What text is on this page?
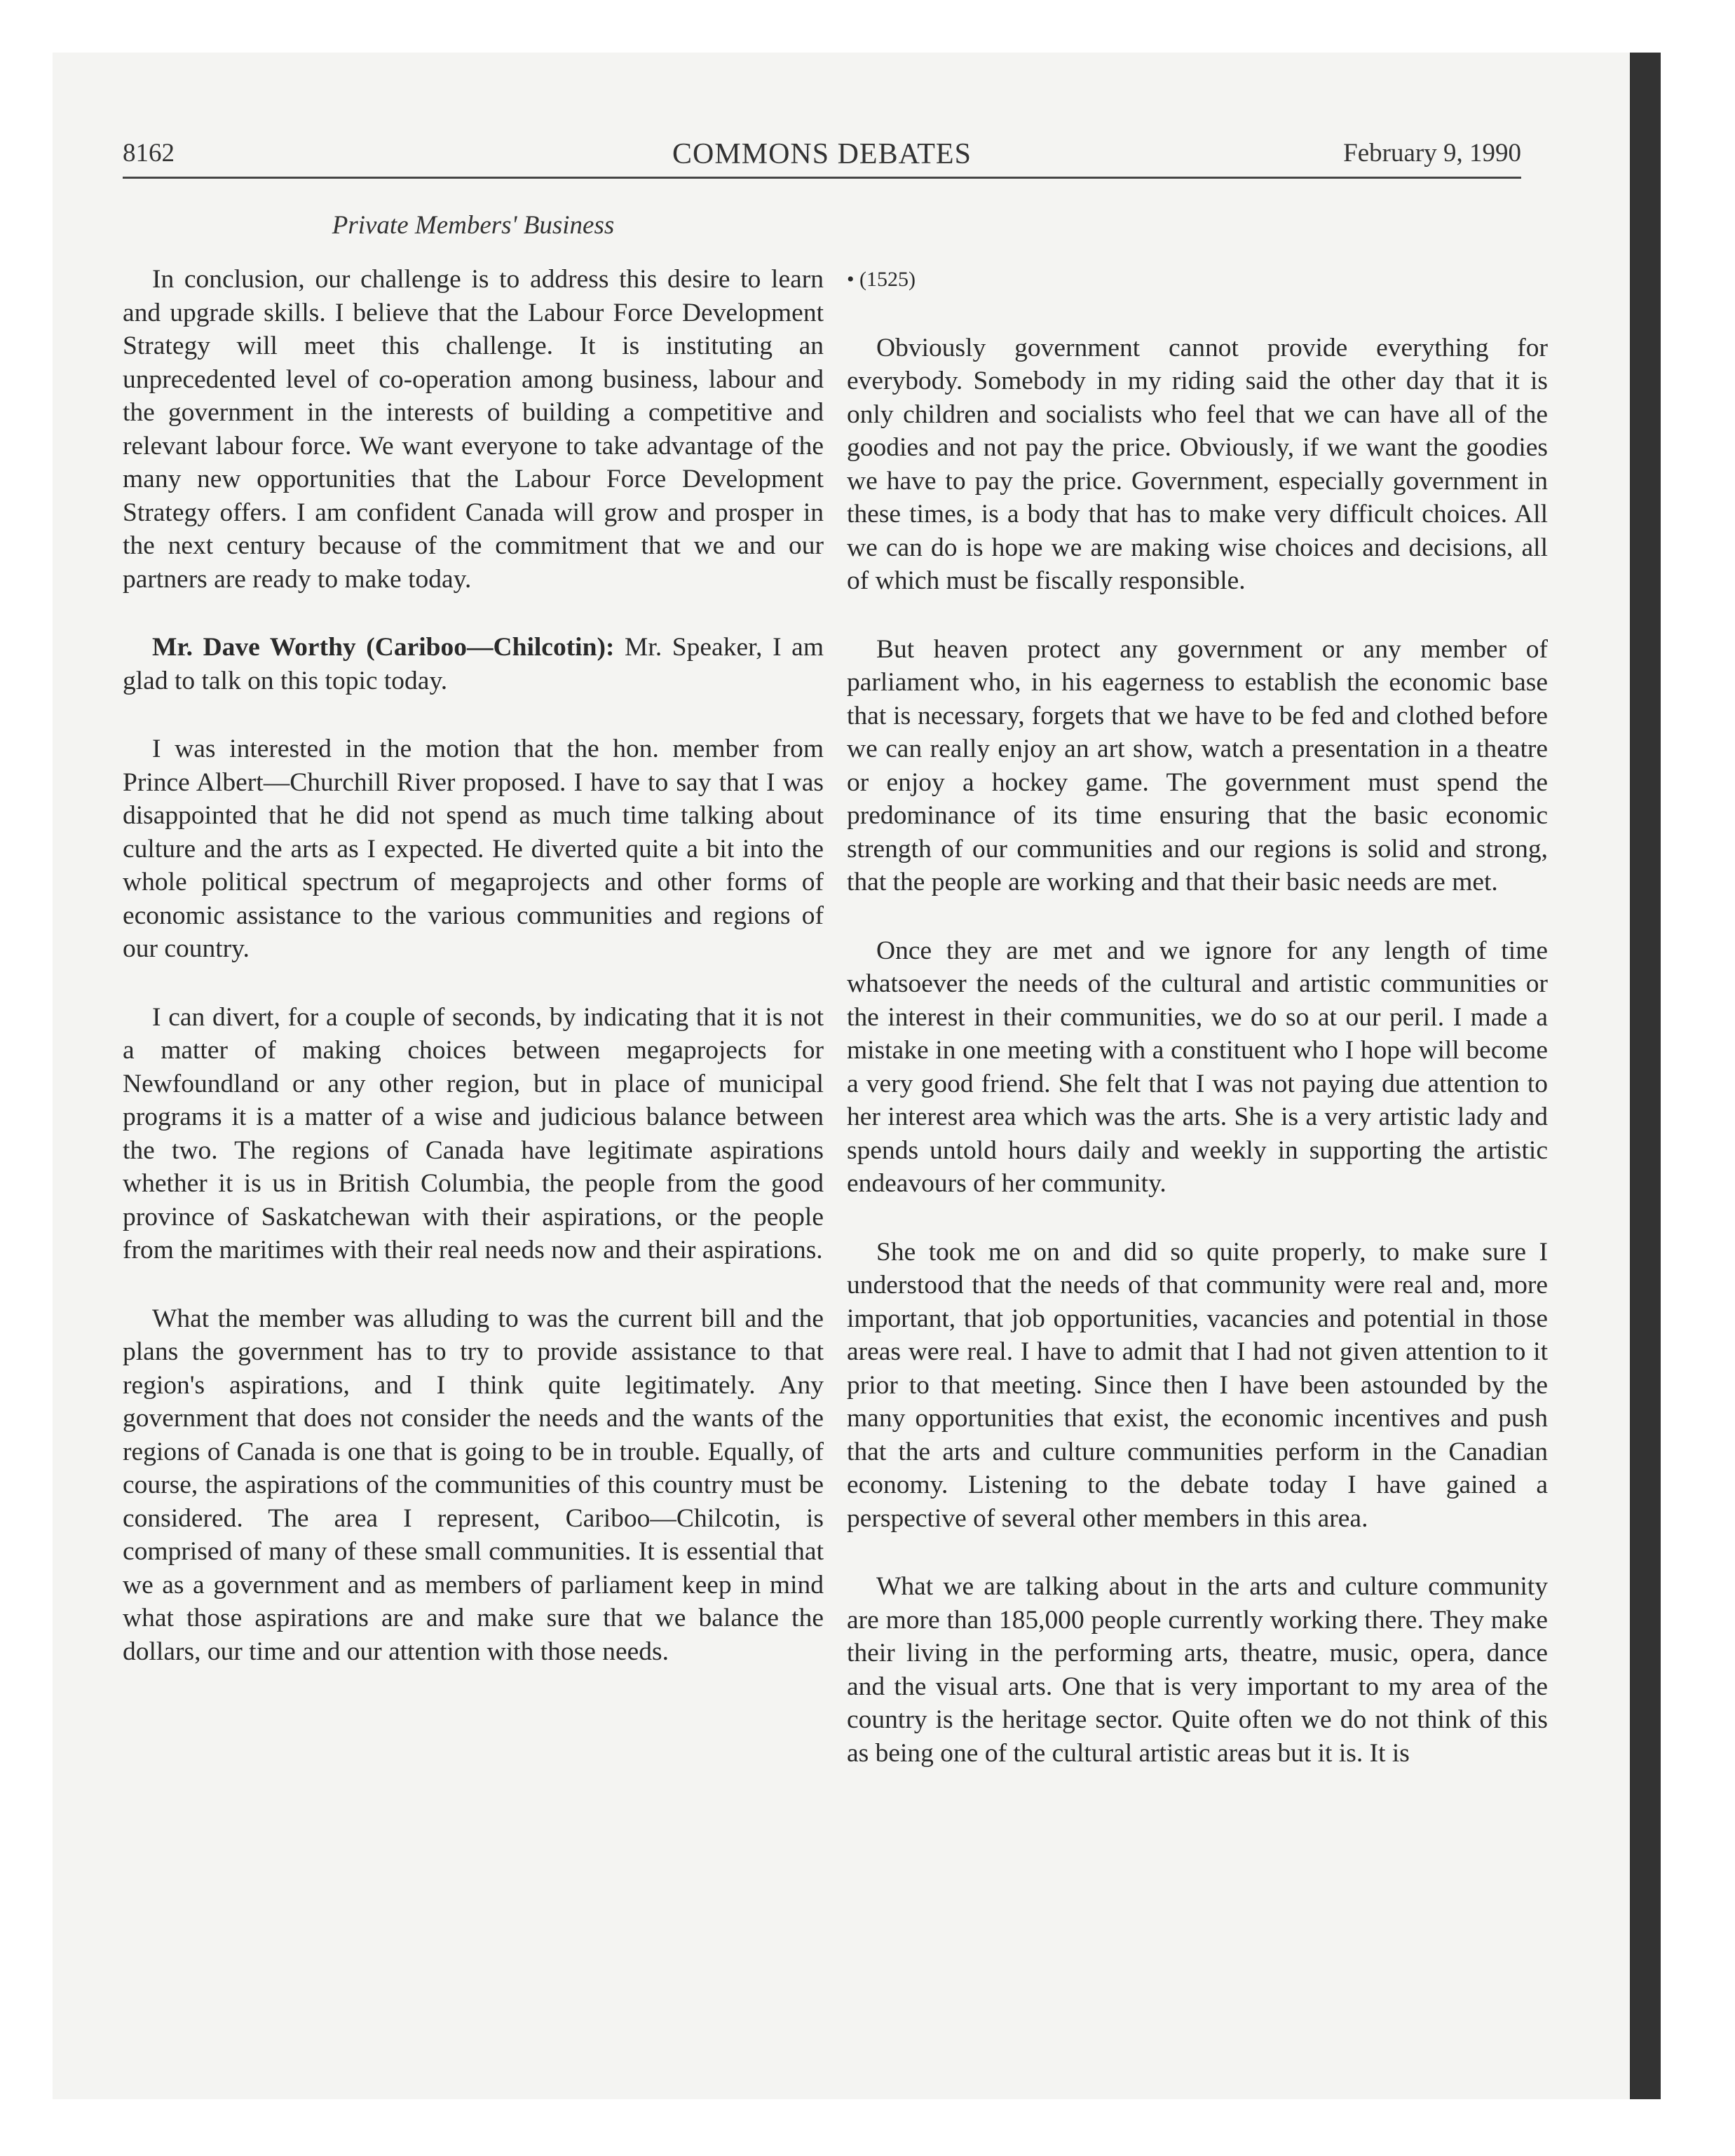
8162	COMMONS DEBATES	February 9, 1990
Private Members' Business

In conclusion, our challenge is to address this desire to learn and upgrade skills. I believe that the Labour Force Development Strategy will meet this challenge. It is instituting an unprecedented level of co-operation among business, labour and the government in the interests of building a competitive and relevant labour force. We want everyone to take advantage of the many new opportunities that the Labour Force Development Strategy offers. I am confident Canada will grow and prosper in the next century because of the commitment that we and our partners are ready to make today.

Mr. Dave Worthy (Cariboo—Chilcotin): Mr. Speaker, I am glad to talk on this topic today.

I was interested in the motion that the hon. member from Prince Albert—Churchill River proposed. I have to say that I was disappointed that he did not spend as much time talking about culture and the arts as I expected. He diverted quite a bit into the whole political spectrum of megaprojects and other forms of economic assistance to the various communities and regions of our country.

I can divert, for a couple of seconds, by indicating that it is not a matter of making choices between megaprojects for Newfoundland or any other region, but in place of municipal programs it is a matter of a wise and judicious balance between the two. The regions of Canada have legitimate aspirations whether it is us in British Columbia, the people from the good province of Saskatchewan with their aspirations, or the people from the maritimes with their real needs now and their aspirations.

What the member was alluding to was the current bill and the plans the government has to try to provide assistance to that region's aspirations, and I think quite legitimately. Any government that does not consider the needs and the wants of the regions of Canada is one that is going to be in trouble. Equally, of course, the aspirations of the communities of this country must be considered. The area I represent, Cariboo—Chilcotin, is comprised of many of these small communities. It is essential that we as a government and as members of parliament keep in mind what those aspirations are and make sure that we balance the dollars, our time and our attention with those needs.

• (1525)

Obviously government cannot provide everything for everybody. Somebody in my riding said the other day that it is only children and socialists who feel that we can have all of the goodies and not pay the price. Obviously, if we want the goodies we have to pay the price. Government, especially government in these times, is a body that has to make very difficult choices. All we can do is hope we are making wise choices and decisions, all of which must be fiscally responsible.

But heaven protect any government or any member of parliament who, in his eagerness to establish the economic base that is necessary, forgets that we have to be fed and clothed before we can really enjoy an art show, watch a presentation in a theatre or enjoy a hockey game. The government must spend the predominance of its time ensuring that the basic economic strength of our communities and our regions is solid and strong, that the people are working and that their basic needs are met.

Once they are met and we ignore for any length of time whatsoever the needs of the cultural and artistic communities or the interest in their communities, we do so at our peril. I made a mistake in one meeting with a constituent who I hope will become a very good friend. She felt that I was not paying due attention to her interest area which was the arts. She is a very artistic lady and spends untold hours daily and weekly in supporting the artistic endeavours of her community.

She took me on and did so quite properly, to make sure I understood that the needs of that community were real and, more important, that job opportunities, vacancies and potential in those areas were real. I have to admit that I had not given attention to it prior to that meeting. Since then I have been astounded by the many opportunities that exist, the economic incentives and push that the arts and culture communities perform in the Canadian economy. Listening to the debate today I have gained a perspective of several other members in this area.

What we are talking about in the arts and culture community are more than 185,000 people currently working there. They make their living in the performing arts, theatre, music, opera, dance and the visual arts. One that is very important to my area of the country is the heritage sector. Quite often we do not think of this as being one of the cultural artistic areas but it is. It is
